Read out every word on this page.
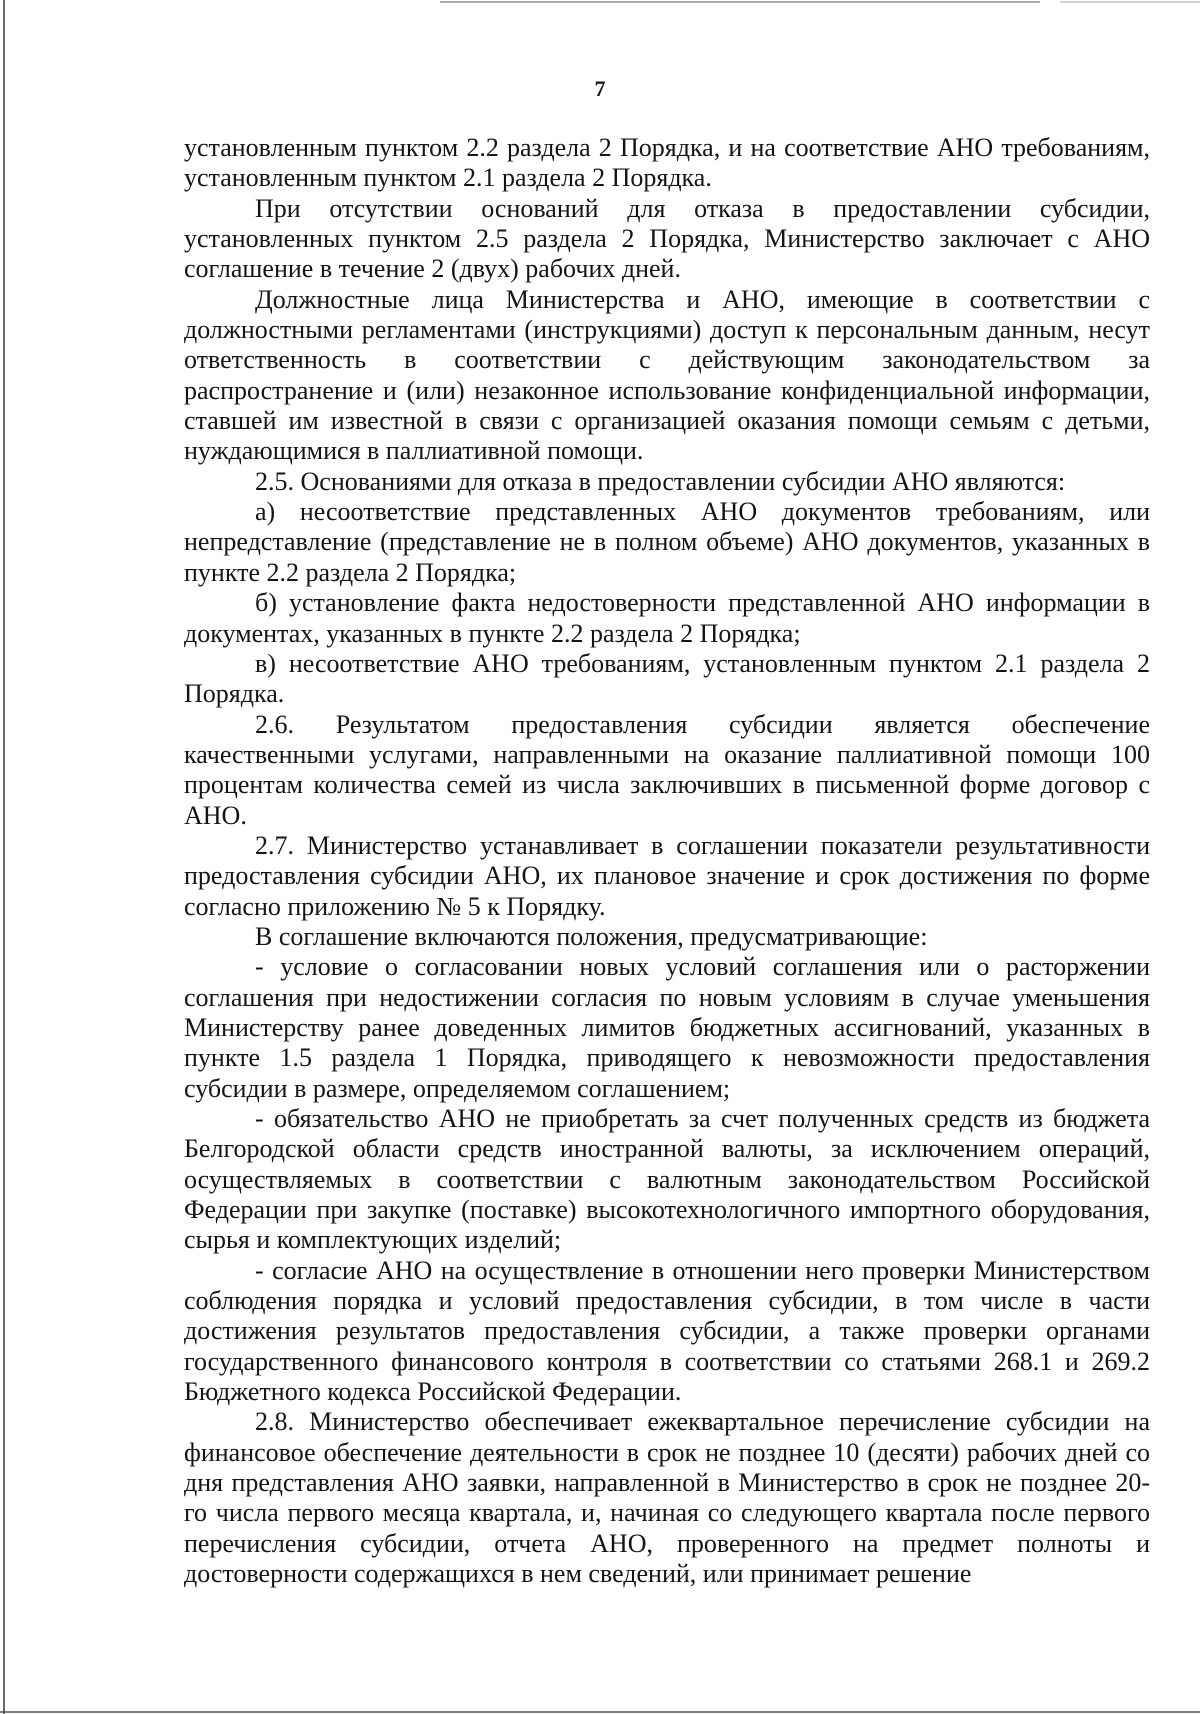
7

установленным пунктом 2.2 раздела 2 Порядка, и на соответствие АНО требованиям, установленным пунктом 2.1 раздела 2 Порядка.

При отсутствии оснований для отказа в предоставлении субсидии, установленных пунктом 2.5 раздела 2 Порядка, Министерство заключает с АНО соглашение в течение 2 (двух) рабочих дней.

Должностные лица Министерства и АНО, имеющие в соответствии с должностными регламентами (инструкциями) доступ к персональным данным, несут ответственность в соответствии с действующим законодательством за распространение и (или) незаконное использование конфиденциальной информации, ставшей им известной в связи с организацией оказания помощи семьям с детьми, нуждающимися в паллиативной помощи.

2.5. Основаниями для отказа в предоставлении субсидии АНО являются:

а) несоответствие представленных АНО документов требованиям, или непредставление (представление не в полном объеме) АНО документов, указанных в пункте 2.2 раздела 2 Порядка;

б) установление факта недостоверности представленной АНО информации в документах, указанных в пункте 2.2 раздела 2 Порядка;

в) несоответствие АНО требованиям, установленным пунктом 2.1 раздела 2 Порядка.

2.6. Результатом предоставления субсидии является обеспечение качественными услугами, направленными на оказание паллиативной помощи 100 процентам количества семей из числа заключивших в письменной форме договор с АНО.

2.7. Министерство устанавливает в соглашении показатели результативности предоставления субсидии АНО, их плановое значение и срок достижения по форме согласно приложению № 5 к Порядку.

В соглашение включаются положения, предусматривающие:

- условие о согласовании новых условий соглашения или о расторжении соглашения при недостижении согласия по новым условиям в случае уменьшения Министерству ранее доведенных лимитов бюджетных ассигнований, указанных в пункте 1.5 раздела 1 Порядка, приводящего к невозможности предоставления субсидии в размере, определяемом соглашением;

- обязательство АНО не приобретать за счет полученных средств из бюджета Белгородской области средств иностранной валюты, за исключением операций, осуществляемых в соответствии с валютным законодательством Российской Федерации при закупке (поставке) высокотехнологичного импортного оборудования, сырья и комплектующих изделий;

- согласие АНО на осуществление в отношении него проверки Министерством соблюдения порядка и условий предоставления субсидии, в том числе в части достижения результатов предоставления субсидии, а также проверки органами государственного финансового контроля в соответствии со статьями 268.1 и 269.2 Бюджетного кодекса Российской Федерации.

2.8. Министерство обеспечивает ежеквартальное перечисление субсидии на финансовое обеспечение деятельности в срок не позднее 10 (десяти) рабочих дней со дня представления АНО заявки, направленной в Министерство в срок не позднее 20-го числа первого месяца квартала, и, начиная со следующего квартала после первого перечисления субсидии, отчета АНО, проверенного на предмет полноты и достоверности содержащихся в нем сведений, или принимает решение
